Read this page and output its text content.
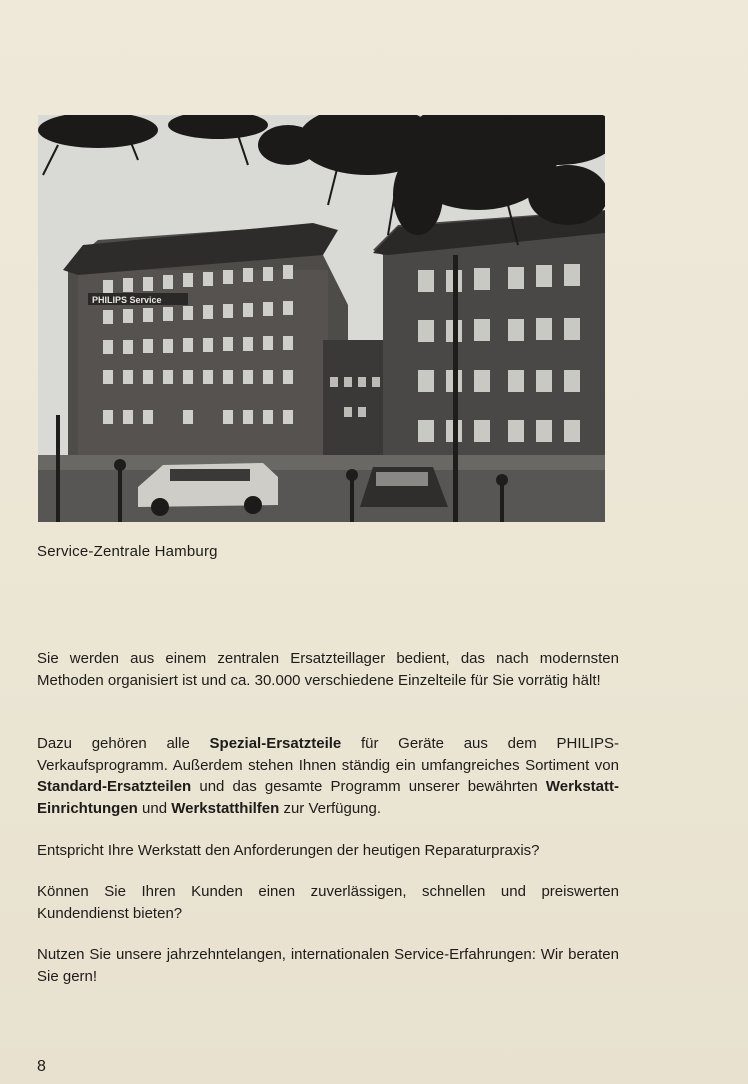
PHILIPS Service
Service-Zentrale Hamburg

Sie werden aus einem zentralen Ersatzteillager bedient, das nach modernsten Methoden organisiert ist und ca. 30.000 verschiedene Einzelteile für Sie vorrätig hält!

Dazu gehören alle Spezial-Ersatzteile für Geräte aus dem PHILIPS-Verkaufsprogramm. Außerdem stehen Ihnen ständig ein umfangreiches Sortiment von Standard-Ersatzteilen und das gesamte Programm unserer bewährten Werkstatt-Einrichtungen und Werkstatthilfen zur Verfügung.

Entspricht Ihre Werkstatt den Anforderungen der heutigen Reparaturpraxis?

Können Sie Ihren Kunden einen zuverlässigen, schnellen und preiswerten Kundendienst bieten?

Nutzen Sie unsere jahrzehntelangen, internationalen Service-Erfahrungen: Wir beraten Sie gern!

8
